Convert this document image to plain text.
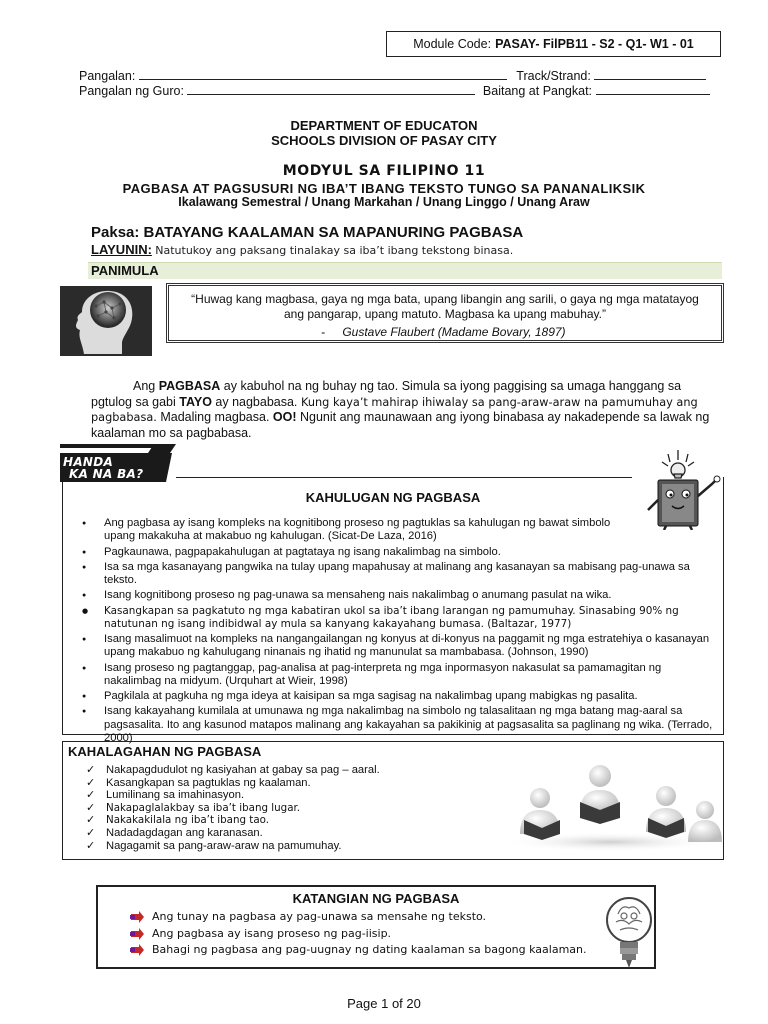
Module Code: PASAY- FilPB11 - S2 - Q1- W1 - 01
Pangalan:	Track/Strand:
Pangalan ng Guro:	Baitang at Pangkat:
DEPARTMENT OF EDUCATON
SCHOOLS DIVISION OF PASAY CITY
MODYUL SA FILIPINO 11
PAGBASA AT PAGSUSURI NG IBA’T IBANG TEKSTO TUNGO SA PANANALIKSIK
Ikalawang Semestral / Unang Markahan / Unang Linggo / Unang Araw
Paksa: BATAYANG KAALAMAN SA MAPANURING PAGBASA
LAYUNIN: Natutukoy ang paksang tinalakay sa iba’t ibang tekstong binasa.
PANIMULA
“Huwag kang magbasa, gaya ng mga bata, upang libangin ang sarili, o gaya ng mga matatayog ang pangarap, upang matuto. Magbasa ka upang mabuhay.”
- Gustave Flaubert (Madame Bovary, 1897)
Ang PAGBASA ay kabuhol na ng buhay ng tao. Simula sa iyong paggising sa umaga hanggang sa pgtulog sa gabi TAYO ay nagbabasa. Kung kaya’t mahirap ihiwalay sa pang-araw-araw na pamumuhay ang pagbabasa. Madaling magbasa. OO! Ngunit ang maunawaan ang iyong binabasa ay nakadepende sa lawak ng kaalaman mo sa pagbabasa.
HANDA
KA NA BA?
KAHULUGAN NG PAGBASA
● Ang pagbasa ay isang kompleks na kognitibong proseso ng pagtuklas sa kahulugan ng bawat simbolo upang makakuha at makabuo ng kahulugan. (Sicat-De Laza, 2016)
● Pagkaunawa, pagpapakahulugan at pagtataya ng isang nakalimbag na simbolo.
● Isa sa mga kasanayang pangwika na tulay upang mapahusay at malinang ang kasanayan sa mabisang pag-unawa sa teksto.
● Isang kognitibong proseso ng pag-unawa sa mensaheng nais nakalimbag o anumang pasulat na wika.
● Kasangkapan sa pagkatuto ng mga kabatiran ukol sa iba’t ibang larangan ng pamumuhay. Sinasabing 90% ng natutunan ng isang indibidwal ay mula sa kanyang kakayahang bumasa. (Baltazar, 1977)
● Isang masalimuot na kompleks na nangangailangan ng konyus at di-konyus na paggamit ng mga estratehiya o kasanayan upang makabuo ng kahulugang ninanais ng ihatid ng manunulat sa mambabasa. (Johnson, 1990)
● Isang proseso ng pagtanggap, pag-analisa at pag-interpreta ng mga inpormasyon nakasulat sa pamamagitan ng nakalimbag na midyum. (Urquhart at Wieir, 1998)
● Pagkilala at pagkuha ng mga ideya at kaisipan sa mga sagisag na nakalimbag upang mabigkas ng pasalita.
● Isang kakayahang kumilala at umunawa ng mga nakalimbag na simbolo ng talasalitaan ng mga batang mag-aaral sa pagsasalita. Ito ang kasunod matapos malinang ang kakayahan sa pakikinig at pagsasalita sa paglinang ng wika. (Terrado, 2000)
KAHALAGAHAN NG PAGBASA
✓ Nakapagdudulot ng kasiyahan at gabay sa pag – aaral.
✓ Kasangkapan sa pagtuklas ng kaalaman.
✓ Lumilinang sa imahinasyon.
✓ Nakapaglalakbay sa iba’t ibang lugar.
✓ Nakakakilala ng iba’t ibang tao.
✓ Nadadagdagan ang karanasan.
✓ Nagagamit sa pang-araw-araw na pamumuhay.
KATANGIAN NG PAGBASA
Ang tunay na pagbasa ay pag-unawa sa mensahe ng teksto.
Ang pagbasa ay isang proseso ng pag-iisip.
Bahagi ng pagbasa ang pag-uugnay ng dating kaalaman sa bagong kaalaman.
Page 1 of 20
